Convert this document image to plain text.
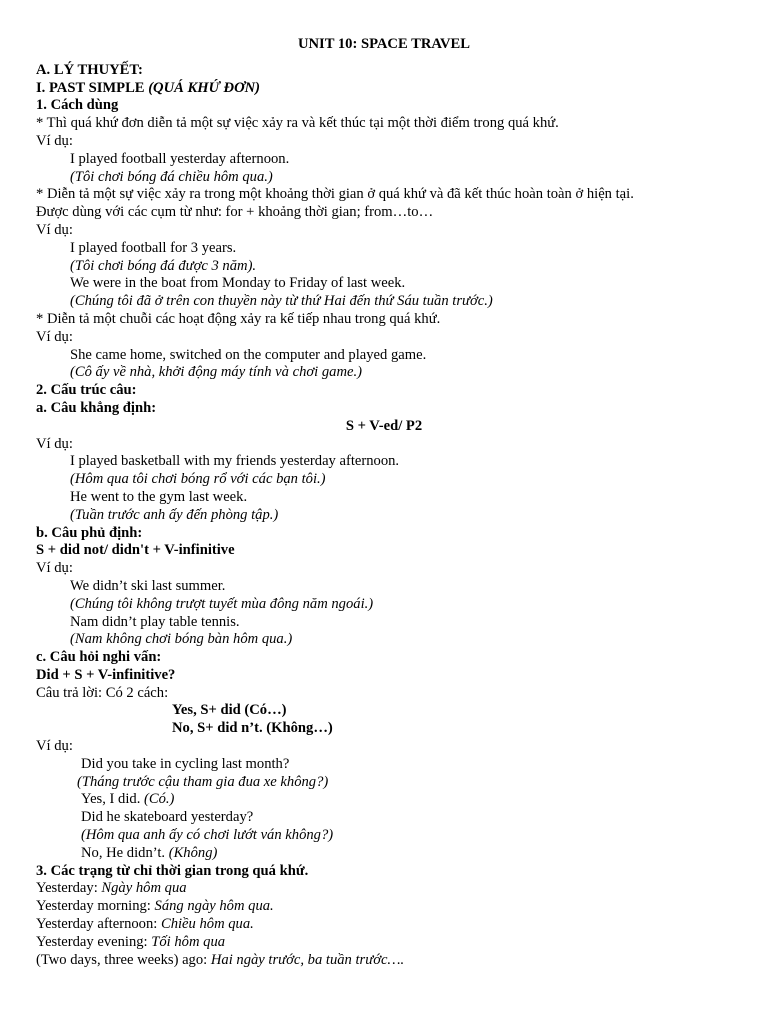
UNIT 10: SPACE TRAVEL
A. LÝ THUYẾT:
I. PAST SIMPLE (QUÁ KHỨ ĐƠN)
1. Cách dùng
* Thì quá khứ đơn diễn tả một sự việc xảy ra và kết thúc tại một thời điểm trong quá khứ.
Ví dụ:
I played football yesterday afternoon.
(Tôi chơi bóng đá chiều hôm qua.)
* Diễn tả một sự việc xảy ra trong một khoảng thời gian ở quá khứ và đã kết thúc hoàn toàn ở hiện tại.
Được dùng với các cụm từ như: for + khoảng thời gian; from…to…
Ví dụ:
I played football for 3 years.
(Tôi chơi bóng đá được 3 năm).
We were in the boat from Monday to Friday of last week.
(Chúng tôi đã ở trên con thuyền này từ thứ Hai đến thứ Sáu tuần trước.)
* Diễn tả một chuỗi các hoạt động xảy ra kế tiếp nhau trong quá khứ.
Ví dụ:
She came home, switched on the computer and played game.
(Cô ấy về nhà, khởi động máy tính và chơi game.)
2. Cấu trúc câu:
a. Câu khẳng định:
S + V-ed/ P2
Ví dụ:
I played basketball with my friends yesterday afternoon.
(Hôm qua tôi chơi bóng rổ với các bạn tôi.)
He went to the gym last week.
(Tuần trước anh ấy đến phòng tập.)
b. Câu phủ định:
S + did not/ didn't + V-infinitive
Ví dụ:
We didn’t ski last summer.
(Chúng tôi không trượt tuyết mùa đông năm ngoái.)
Nam didn’t play table tennis.
(Nam không chơi bóng bàn hôm qua.)
c. Câu hỏi nghi vấn:
Did + S + V-infinitive?
Câu trả lời: Có 2 cách:
Yes, S+ did (Có…)
No, S+ did n’t. (Không…)
Ví dụ:
Did you take in cycling last month?
(Tháng trước cậu tham gia đua xe không?)
Yes, I did. (Có.)
Did he skateboard yesterday?
(Hôm qua anh ấy có chơi lướt ván không?)
No, He didn’t. (Không)
3. Các trạng từ chỉ thời gian trong quá khứ.
Yesterday: Ngày hôm qua
Yesterday morning: Sáng ngày hôm qua.
Yesterday afternoon: Chiều hôm qua.
Yesterday evening: Tối hôm qua
(Two days, three weeks) ago: Hai ngày trước, ba tuần trước….
